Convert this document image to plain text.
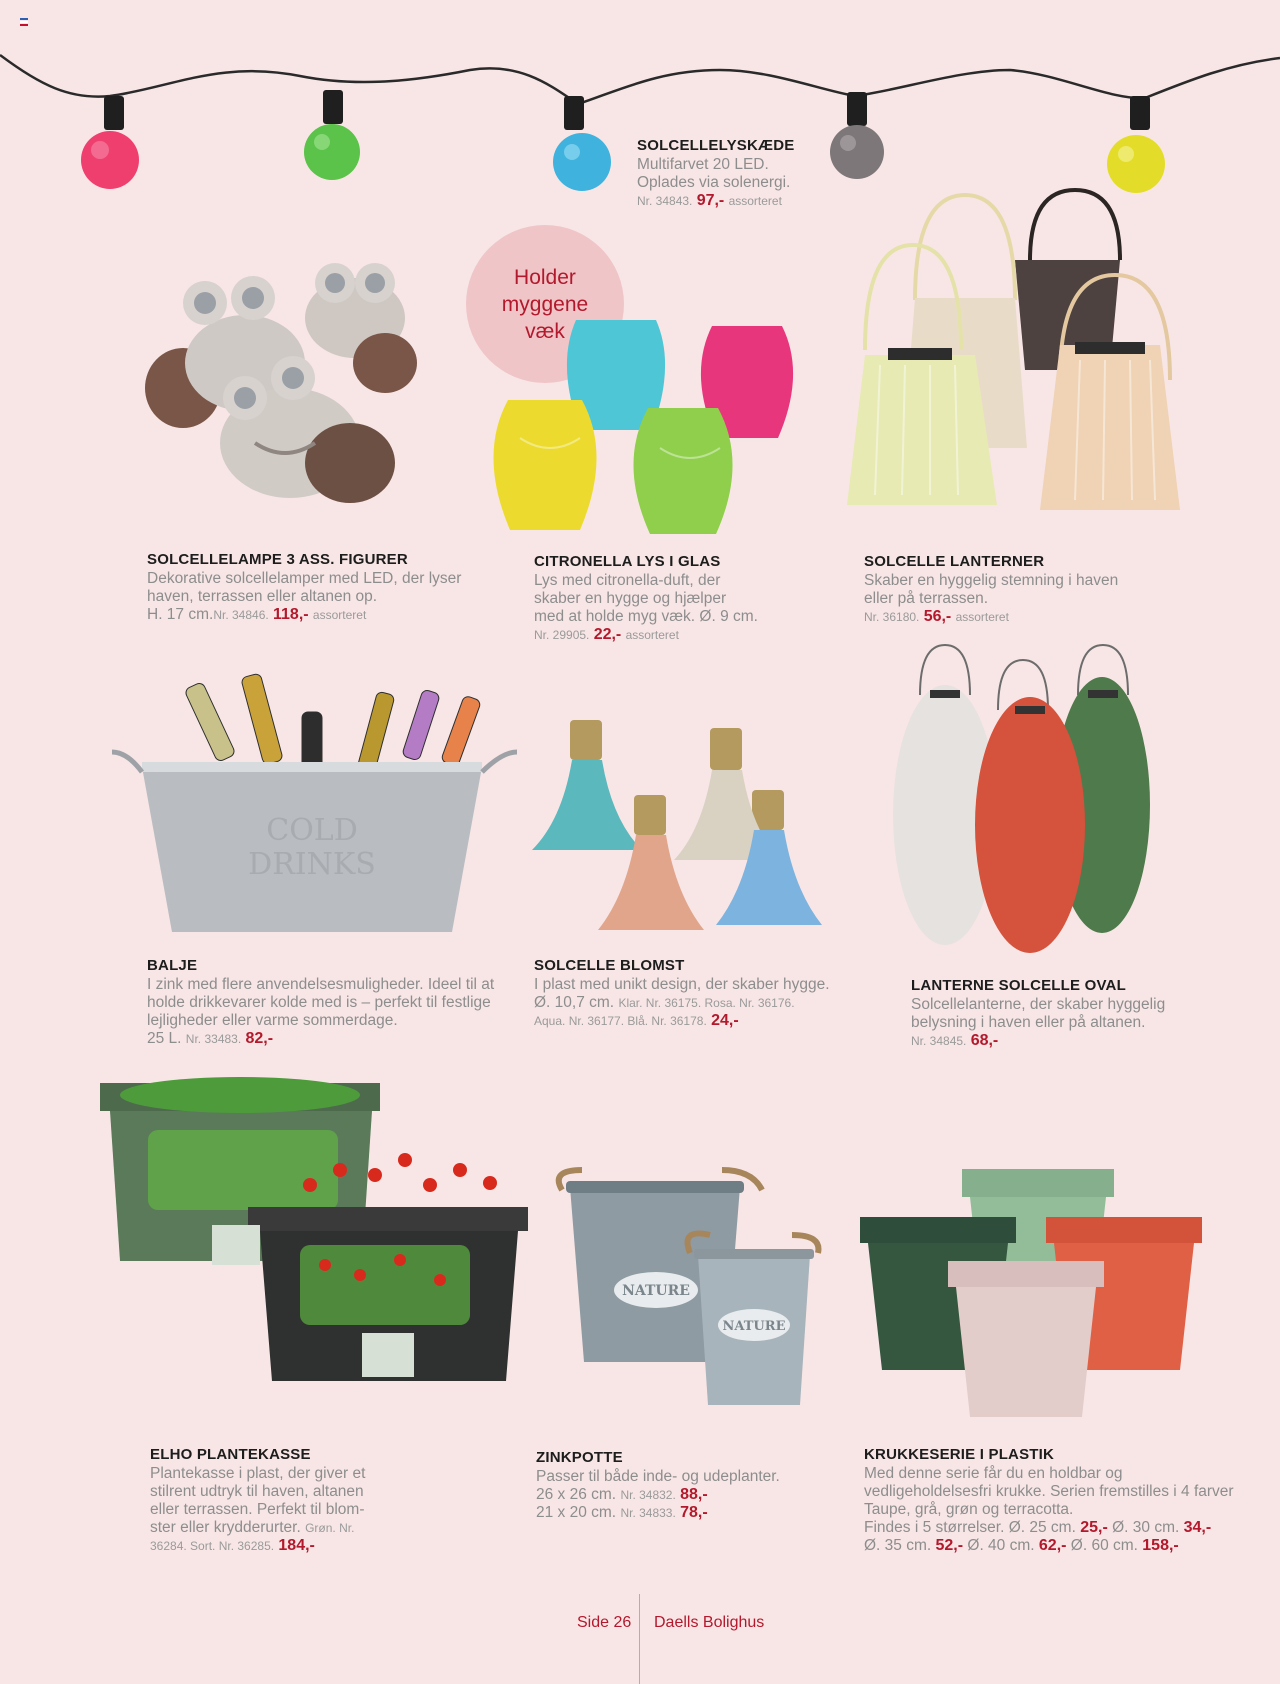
SOLCELLELYSKÆDE
Multifarvet 20 LED.
Oplades via solenergi.
Nr. 34843. 97,- assorteret
SOLCELLELAMPE 3 ASS. FIGURER
Dekorative solcellelamper med LED, der lyser
haven, terrassen eller altanen op.
H. 17 cm.Nr. 34846. 118,- assorteret
Holder
myggene
væk
CITRONELLA LYS I GLAS
Lys med citronella-duft, der
skaber en hygge og hjælper
med at holde myg væk. Ø. 9 cm.
Nr. 29905. 22,- assorteret
SOLCELLE LANTERNER
Skaber en hyggelig stemning i haven
eller på terrassen.
Nr. 36180. 56,- assorteret
COLD
DRINKS
BALJE
I zink med flere anvendelsesmuligheder. Ideel til at
holde drikkevarer kolde med is – perfekt til festlige
lejligheder eller varme sommerdage.
25 L. Nr. 33483. 82,-
SOLCELLE BLOMST
I plast med unikt design, der skaber hygge.
Ø. 10,7 cm. Klar. Nr. 36175. Rosa. Nr. 36176.
Aqua. Nr. 36177. Blå. Nr. 36178. 24,-
LANTERNE SOLCELLE OVAL
Solcellelanterne, der skaber hyggelig
belysning i haven eller på altanen.
Nr. 34845. 68,-
ELHO PLANTEKASSE
Plantekasse i plast, der giver et
stilrent udtryk til haven, altanen
eller terrassen. Perfekt til blom-
ster eller krydderurter. Grøn. Nr.
36284. Sort. Nr. 36285. 184,-
NATURE
NATURE
ZINKPOTTE
Passer til både inde- og udeplanter.
26 x 26 cm. Nr. 34832. 88,-
21 x 20 cm. Nr. 34833. 78,-
KRUKKESERIE I PLASTIK
Med denne serie får du en holdbar og
vedligeholdelsesfri krukke. Serien fremstilles i 4 farver
Taupe, grå, grøn og terracotta.
Findes i 5 størrelser. Ø. 25 cm. 25,- Ø. 30 cm. 34,-
Ø. 35 cm. 52,- Ø. 40 cm. 62,- Ø. 60 cm. 158,-
Side 26 Daells Bolighus
